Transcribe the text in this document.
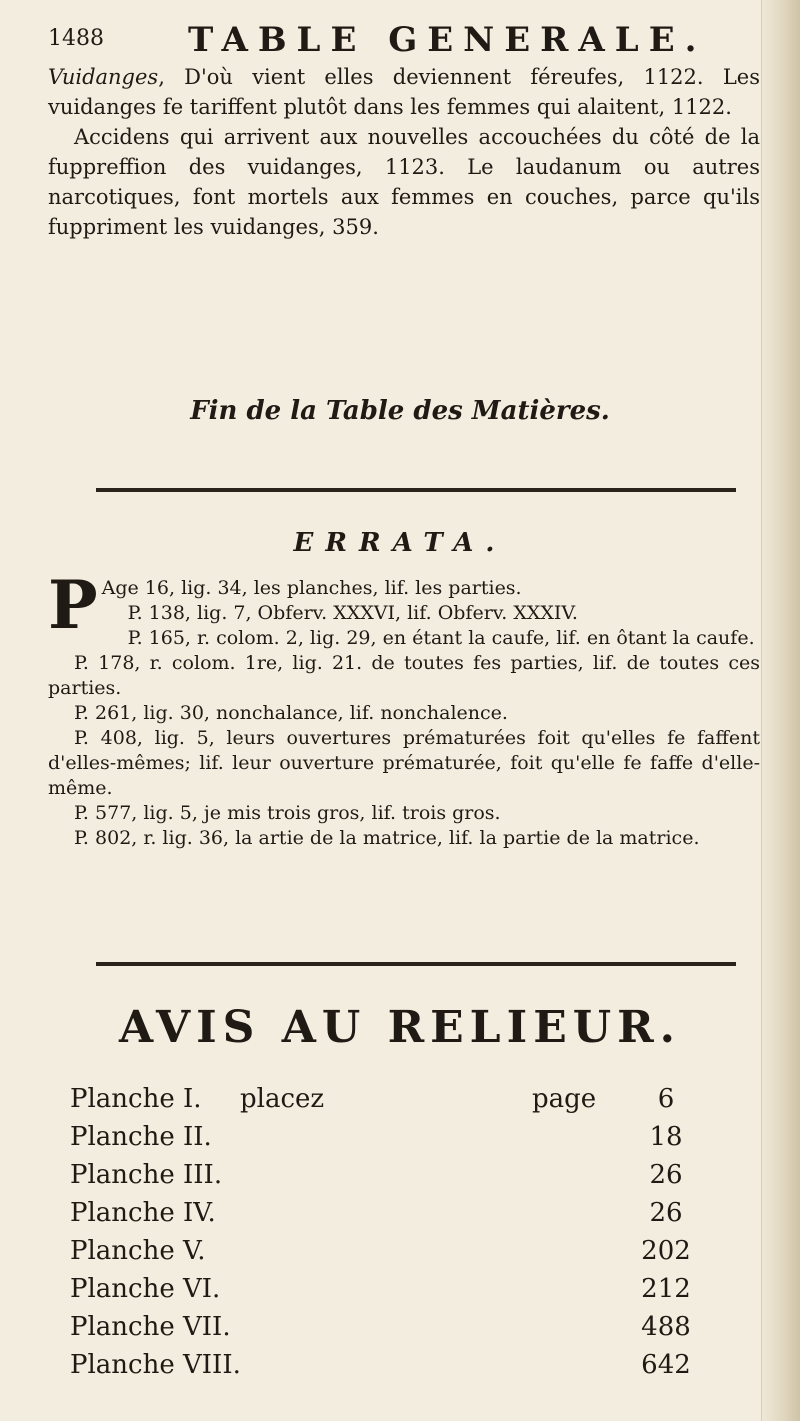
1488 TABLE GENERALE.

Vuidanges, D'où vient elles deviennent féreufes, 1122. Les vuidanges fe tariffent plutôt dans les femmes qui alaitent, 1122.

Accidens qui arrivent aux nouvelles accouchées du côté de la fuppreffion des vuidanges, 1123. Le laudanum ou autres narcotiques, font mortels aux femmes en couches, parce qu'ils fuppriment les vuidanges, 359.

Fin de la Table des Matières.
ERRATA.

P Age 16, lig. 34, les planches, lif. les parties.

P. 138, lig. 7, Obferv. XXXVI, lif. Obferv. XXXIV.

P. 165, r. colom. 2, lig. 29, en étant la caufe, lif. en ôtant la caufe.

P. 178, r. colom. 1re, lig. 21. de toutes fes parties, lif. de toutes ces parties.

P. 261, lig. 30, nonchalance, lif. nonchalence.

P. 408, lig. 5, leurs ouvertures prématurées foit qu'elles fe faffent d'elles-mêmes; lif. leur ouverture prématurée, foit qu'elle fe faffe d'elle-même.

P. 577, lig. 5, je mis trois gros, lif. trois gros.

P. 802, r. lig. 36, la artie de la matrice, lif. la partie de la matrice.

AVIS AU RELIEUR.
Planche I. placez	page	6
Planche II.	18
Planche III.	26
Planche IV.	26
Planche V.	202
Planche VI.	212
Planche VII.	488
Planche VIII.	642
